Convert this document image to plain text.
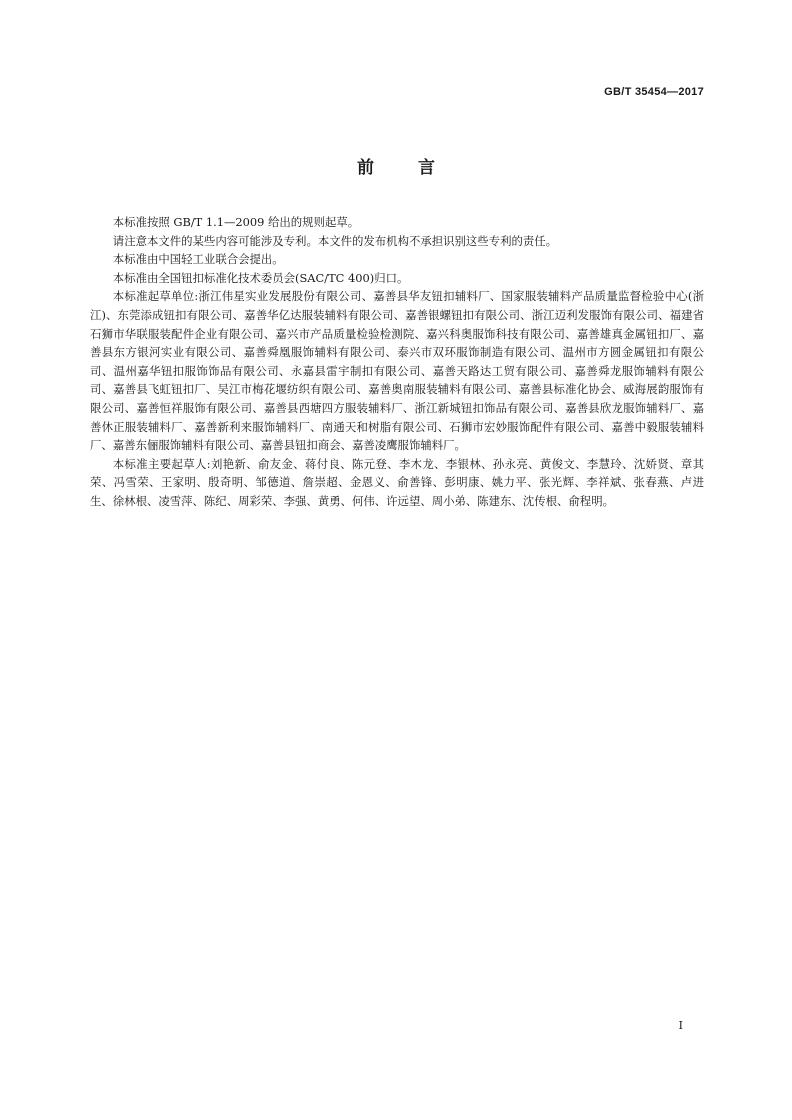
GB/T 35454—2017
前言

本标准按照 GB/T 1.1—2009 给出的规则起草。

请注意本文件的某些内容可能涉及专利。本文件的发布机构不承担识别这些专利的责任。

本标准由中国轻工业联合会提出。

本标准由全国钮扣标准化技术委员会(SAC/TC 400)归口。

本标准起草单位:浙江伟星实业发展股份有限公司、嘉善县华友钮扣辅料厂、国家服装辅料产品质量监督检验中心(浙江)、东莞添成钮扣有限公司、嘉善华亿达服装辅料有限公司、嘉善银螺钮扣有限公司、浙江迈利发服饰有限公司、福建省石狮市华联服装配件企业有限公司、嘉兴市产品质量检验检测院、嘉兴科奥服饰科技有限公司、嘉善雄真金属钮扣厂、嘉善县东方银河实业有限公司、嘉善舜凰服饰辅料有限公司、泰兴市双环服饰制造有限公司、温州市方圆金属钮扣有限公司、温州嘉华钮扣服饰饰品有限公司、永嘉县雷宇制扣有限公司、嘉善天路达工贸有限公司、嘉善舜龙服饰辅料有限公司、嘉善县飞虹钮扣厂、吴江市梅花堰纺织有限公司、嘉善奥南服装辅料有限公司、嘉善县标准化协会、威海展韵服饰有限公司、嘉善恒祥服饰有限公司、嘉善县西塘四方服装辅料厂、浙江新城钮扣饰品有限公司、嘉善县欣龙服饰辅料厂、嘉善休正服装辅料厂、嘉善新利来服饰辅料厂、南通天和树脂有限公司、石狮市宏妙服饰配件有限公司、嘉善中毅服装辅料厂、嘉善东俪服饰辅料有限公司、嘉善县钮扣商会、嘉善凌鹰服饰辅料厂。

本标准主要起草人:刘艳新、俞友金、蒋付良、陈元登、李木龙、李银林、孙永亮、黄俊文、李慧玲、沈娇贤、章其荣、冯雪荣、王家明、殷奇明、邹德道、詹崇超、金恩义、俞善锋、彭明康、姚力平、张光辉、李祥斌、张春燕、卢进生、徐林根、凌雪萍、陈纪、周彩荣、李强、黄勇、何伟、许远望、周小弟、陈建东、沈传根、俞程明。

I
